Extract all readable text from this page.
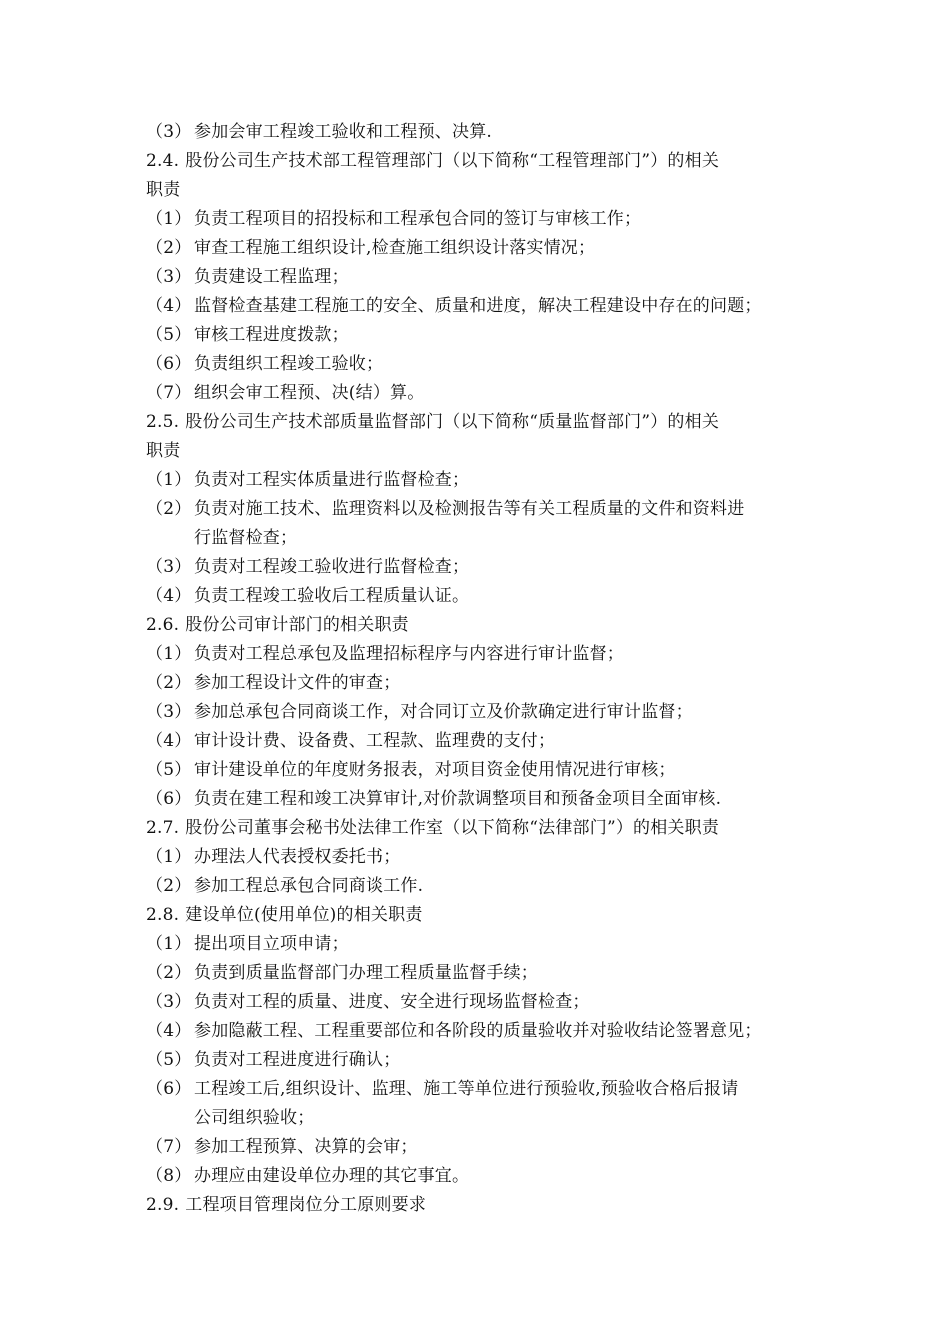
（3） 参加会审工程竣工验收和工程预、决算.
2.4. 股份公司生产技术部工程管理部门（以下简称“工程管理部门”）的相关
职责
（1） 负责工程项目的招投标和工程承包合同的签订与审核工作；
（2） 审查工程施工组织设计,检查施工组织设计落实情况；
（3） 负责建设工程监理；
（4） 监督检查基建工程施工的安全、质量和进度，解决工程建设中存在的问题；
（5） 审核工程进度拨款；
（6） 负责组织工程竣工验收；
（7） 组织会审工程预、决(结）算。
2.5. 股份公司生产技术部质量监督部门（以下简称“质量监督部门”）的相关
职责
（1） 负责对工程实体质量进行监督检查；
（2） 负责对施工技术、监理资料以及检测报告等有关工程质量的文件和资料进
行监督检查；
（3） 负责对工程竣工验收进行监督检查；
（4） 负责工程竣工验收后工程质量认证。
2.6. 股份公司审计部门的相关职责
（1） 负责对工程总承包及监理招标程序与内容进行审计监督；
（2） 参加工程设计文件的审查；
（3） 参加总承包合同商谈工作，对合同订立及价款确定进行审计监督；
（4） 审计设计费、设备费、工程款、监理费的支付；
（5） 审计建设单位的年度财务报表，对项目资金使用情况进行审核；
（6） 负责在建工程和竣工决算审计,对价款调整项目和预备金项目全面审核.
2.7. 股份公司董事会秘书处法律工作室（以下简称“法律部门”）的相关职责
（1） 办理法人代表授权委托书；
（2） 参加工程总承包合同商谈工作.
2.8. 建设单位(使用单位)的相关职责
（1） 提出项目立项申请；
（2） 负责到质量监督部门办理工程质量监督手续；
（3） 负责对工程的质量、进度、安全进行现场监督检查；
（4） 参加隐蔽工程、工程重要部位和各阶段的质量验收并对验收结论签署意见；
（5） 负责对工程进度进行确认；
（6） 工程竣工后,组织设计、监理、施工等单位进行预验收,预验收合格后报请
公司组织验收；
（7） 参加工程预算、决算的会审；
（8） 办理应由建设单位办理的其它事宜。
2.9. 工程项目管理岗位分工原则要求
